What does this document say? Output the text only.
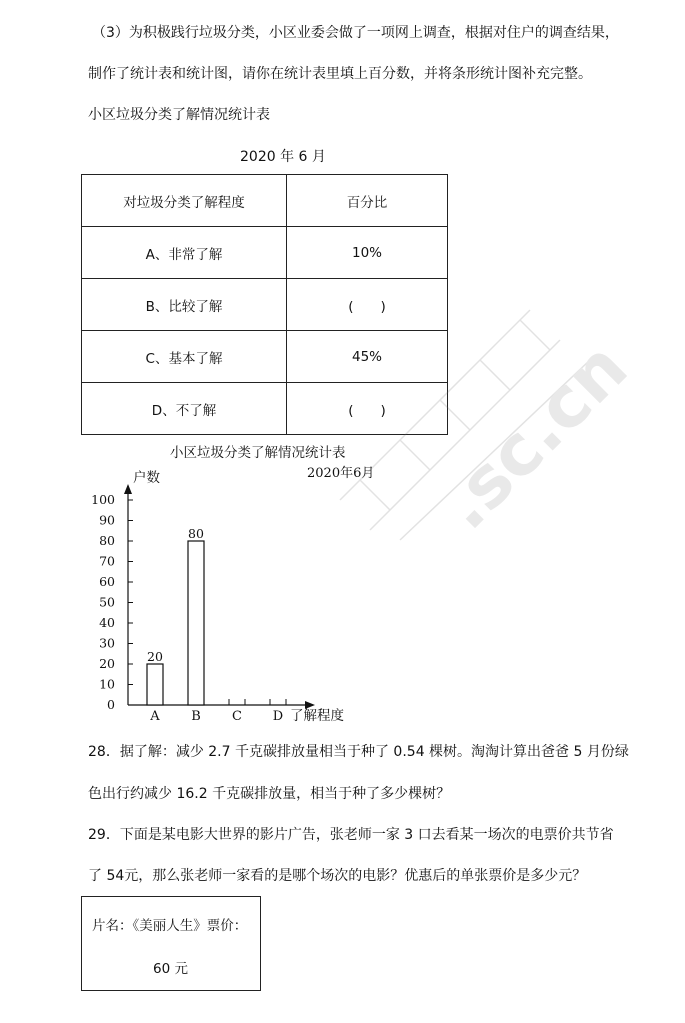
（3）为积极践行垃圾分类，小区业委会做了一项网上调查，根据对住户的调查结果，
制作了统计表和统计图，请你在统计表里填上百分数，并将条形统计图补充完整。
小区垃圾分类了解情况统计表
2020 年 6 月
对垃圾分类了解程度	百分比
A、非常了解	10%
B、比较了解	(　　)
C、基本了解	45%
D、不了解	(　　) .sc.cn
小区垃圾分类了解情况统计表
2020年6月
户数
了解程度
0
10
20
30
40
50
60
70
80
90
100
20
A
80
B C D
28．据了解：减少 2.7 千克碳排放量相当于种了 0.54 棵树。淘淘计算出爸爸 5 月份绿
色出行约减少 16.2 千克碳排放量，相当于种了多少棵树？
29．下面是某电影大世界的影片广告，张老师一家 3 口去看某一场次的电票价共节省
了 54元，那么张老师一家看的是哪个场次的电影？优惠后的单张票价是多少元？
片名：《美丽人生》票价：
60 元
